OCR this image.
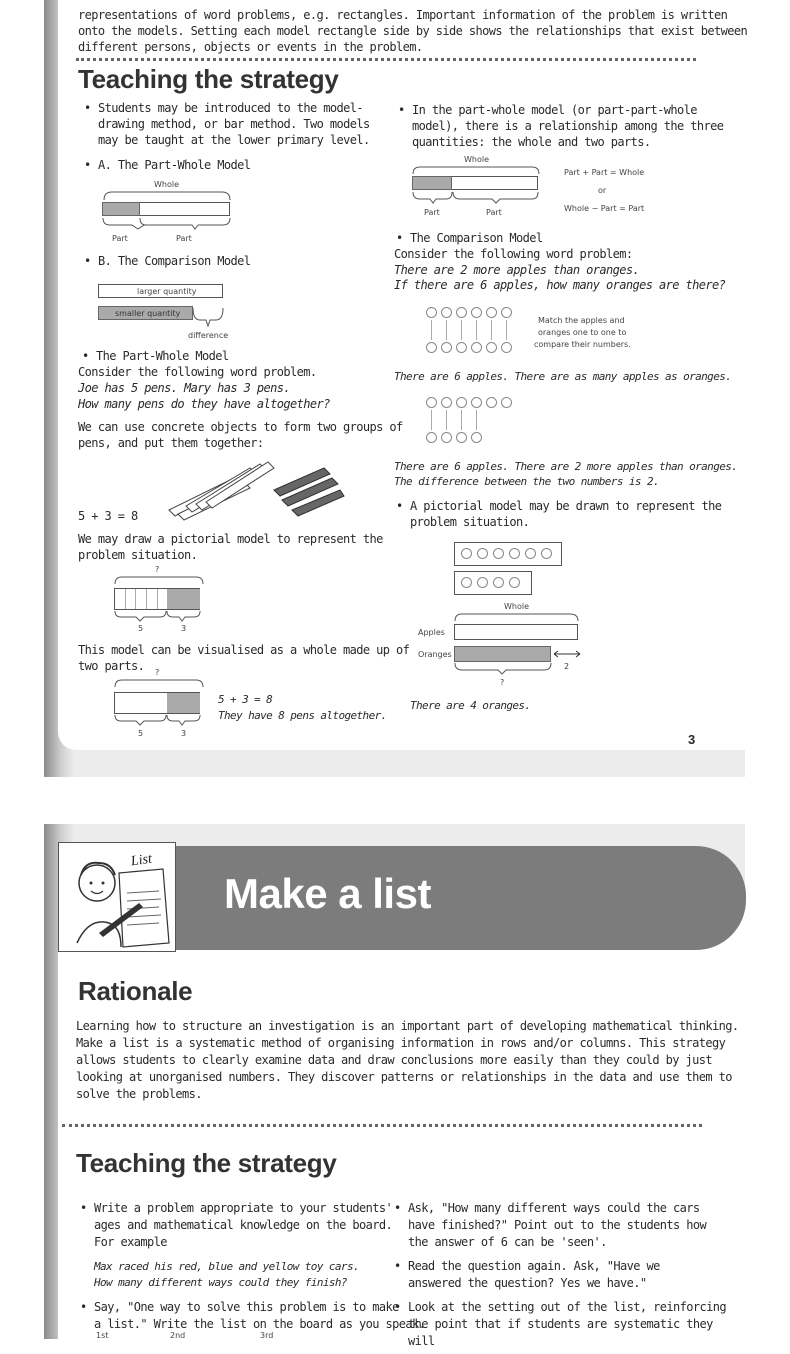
representations of word problems, e.g. rectangles. Important information of the problem is written
onto the models. Setting each model rectangle side by side shows the relationships that exist between
different persons, objects or events in the problem.
Teaching the strategy
• Students may be introduced to the model-
drawing method, or bar method. Two models
may be taught at the lower primary level.
• A. The Part-Whole Model
Whole
Part	Part
• B. The Comparison Model
larger quantity
smaller quantity
difference
• The Part-Whole Model
Consider the following word problem.
Joe has 5 pens. Mary has 3 pens.
How many pens do they have altogether?
We can use concrete objects to form two groups of
pens, and put them together:
5 + 3 = 8
We may draw a pictorial model to represent the
problem situation.
?
5	3
This model can be visualised as a whole made up of
two parts. ?
5	3
5 + 3 = 8
They have 8 pens altogether.
• In the part-whole model (or part-part-whole
model), there is a relationship among the three
quantities: the whole and two parts.
Whole
Part	Part
Part + Part = Whole
or
Whole − Part = Part
• The Comparison Model
Consider the following word problem:
There are 2 more apples than oranges.
If there are 6 apples, how many oranges are there?
Match the apples and
oranges one to one to
compare their numbers.
There are 6 apples. There are as many apples as oranges.
There are 6 apples. There are 2 more apples than oranges.
The difference between the two numbers is 2.
• A pictorial model may be drawn to represent the
problem situation.
Whole
Apples
Oranges
2
?
There are 4 oranges.
3
List
Make a list
Rationale
Learning how to structure an investigation is an important part of developing mathematical thinking.
Make a list is a systematic method of organising information in rows and/or columns. This strategy
allows students to clearly examine data and draw conclusions more easily than they could by just
looking at unorganised numbers. They discover patterns or relationships in the data and use them to
solve the problems.
Teaching the strategy
• Write a problem appropriate to your students'
ages and mathematical knowledge on the board.
For example
Max raced his red, blue and yellow toy cars.
How many different ways could they finish?
• Say, "One way to solve this problem is to make
a list." Write the list on the board as you speak.
1st	2nd	3rd
• Ask, "How many different ways could the cars
have finished?" Point out to the students how
the answer of 6 can be 'seen'.
• Read the question again. Ask, "Have we
answered the question? Yes we have."
• Look at the setting out of the list, reinforcing
the point that if students are systematic they
will
